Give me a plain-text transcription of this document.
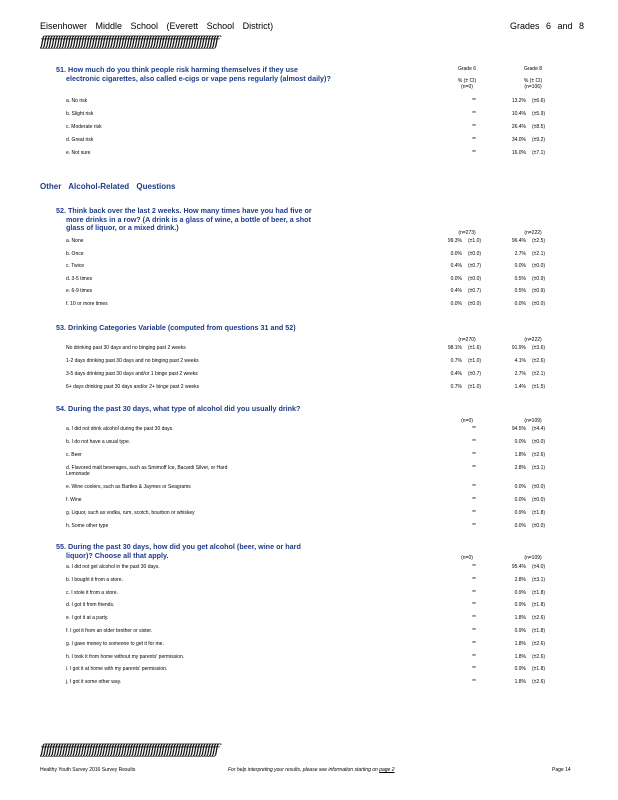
Eisenhower Middle School (Everett School District)	Grades 6 and 8
ƒƒƒƒƒƒƒƒƒƒƒƒƒƒƒƒƒƒƒƒƒƒƒƒƒƒƒƒƒƒƒƒƒƒƒƒƒƒƒƒƒƒƒƒƒƒƒƒƒƒƒƒƒƒƒƒƒƒƒƒƒƒƒƒƒƒ
51. How much do you think people risk harming themselves if they use electronic cigarettes, also called e-cigs or vape pens regularly (almost daily)?
Grade 6
% (± CI)
(n=0)
Grade 8
% (± CI)
(n=106)
a. No risk	**	13.2% (±6.6)
b. Slight risk	**	10.4% (±5.9)
c. Moderate risk	**	26.4% (±8.5)
d. Great risk	**	34.0% (±9.2)
e. Not sure	**	16.0% (±7.1)
Other Alcohol-Related Questions
52. Think back over the last 2 weeks. How many times have you had five or more drinks in a row? (A drink is a glass of wine, a bottle of beer, a shot glass of liquor, or a mixed drink.)
(n=273)	(n=222)
a. None	99.3% (±1.0)	96.4% (±2.5)
b. Once	0.0% (±0.0)	2.7% (±2.1)
c. Twice	0.4% (±0.7)	0.0% (±0.0)
d. 3-5 times	0.0% (±0.0)	0.5% (±0.9)
e. 6-9 times	0.4% (±0.7)	0.5% (±0.9)
f. 10 or more times	0.0% (±0.0)	0.0% (±0.0)
53. Drinking Categories Variable (computed from questions 31 and 52)
(n=270)	(n=222)
No drinking past 30 days and no binging past 2 weeks	98.1% (±1.6)	91.9% (±3.6)
1-2 days drinking past 30 days and no binging past 2 weeks	0.7% (±1.0)	4.1% (±2.6)
3-5 days drinking past 30 days and/or 1 binge past 2 weeks	0.4% (±0.7)	2.7% (±2.1)
6+ days drinking past 30 days and/or 2+ binge past 2 weeks	0.7% (±1.0)	1.4% (±1.5)
54. During the past 30 days, what type of alcohol did you usually drink?
(n=0)	(n=109)
a. I did not drink alcohol during the past 30 days.	**	94.5% (±4.4)
b. I do not have a usual type.	**	0.0% (±0.0)
c. Beer	**	1.8% (±2.6)
d. Flavored malt beverages, such as Smirnoff Ice, Bacardi Silver, or Hard
Lemonade
**	2.8% (±3.1)
e. Wine coolers, such as Bartles & Jaymes or Seagrams	**	0.0% (±0.0)
f. Wine	**	0.0% (±0.0)
g. Liquor, such as vodka, rum, scotch, bourbon or whiskey	**	0.9% (±1.8)
h. Some other type	**	0.0% (±0.0)
55. During the past 30 days, how did you get alcohol (beer, wine or hard liquor)? Choose all that apply.	(n=0)	(n=109)
a. I did not get alcohol in the past 30 days.	**	95.4% (±4.0)
b. I bought it from a store.	**	2.8% (±3.1)
c. I stole it from a store.	**	0.9% (±1.8)
d. I got it from friends.	**	0.9% (±1.8)
e. I got it at a party.	**	1.8% (±2.6)
f. I got it from an older brother or sister.	**	0.9% (±1.8)
g. I gave money to someone to get it for me.	**	1.8% (±2.6)
h. I took it from home without my parents' permission.	**	1.8% (±2.6)
i. I got it at home with my parents' permission.	**	0.9% (±1.8)
j. I got it some other way.	**	1.8% (±2.6)
ƒƒƒƒƒƒƒƒƒƒƒƒƒƒƒƒƒƒƒƒƒƒƒƒƒƒƒƒƒƒƒƒƒƒƒƒƒƒƒƒƒƒƒƒƒƒƒƒƒƒƒƒƒƒƒƒƒƒƒƒƒƒƒƒƒƒ
Healthy Youth Survey 2016 Survey Results	For help interpreting your results, please see information starting on page 2	Page 14
